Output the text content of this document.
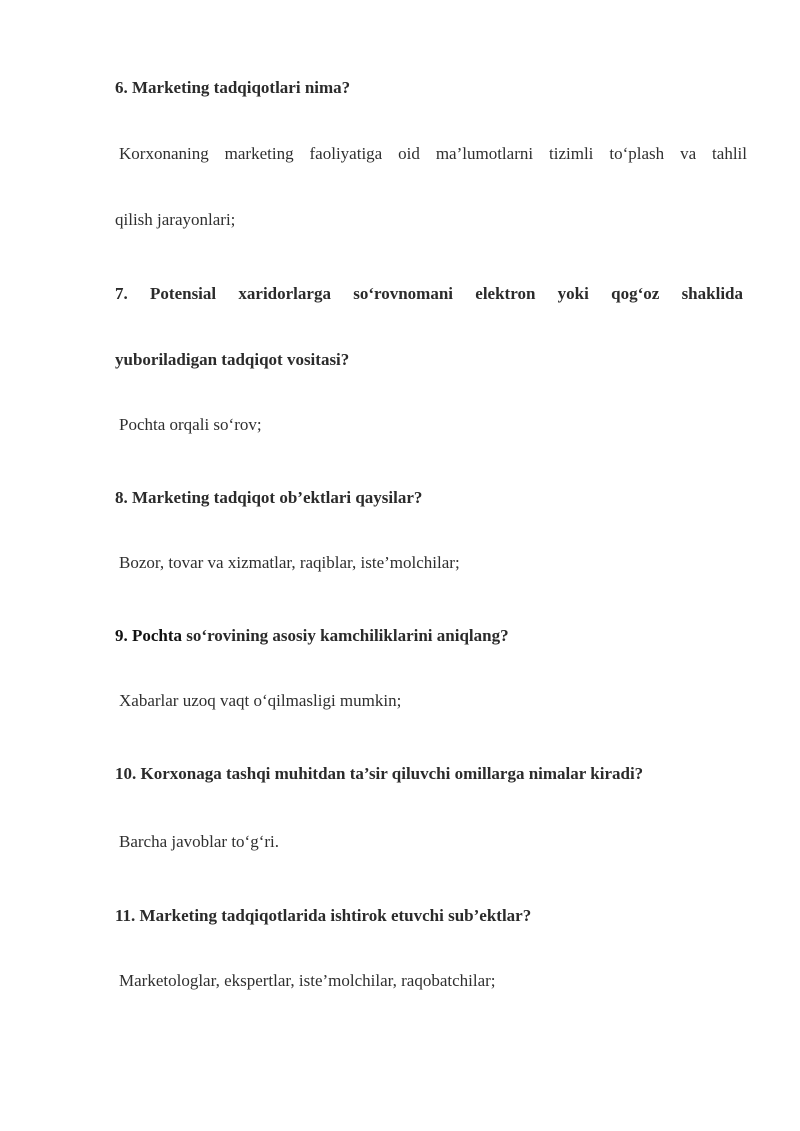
6. Marketing tadqiqotlari nima?
Korxonaning marketing faoliyatiga oid ma’lumotlarni tizimli to‘plash va tahlil
qilish jarayonlari;
7. Potensial xaridorlarga so‘rovnomani elektron yoki qog‘oz shaklida
yuboriladigan tadqiqot vositasi?
Pochta orqali so‘rov;
8. Marketing tadqiqot ob’ektlari qaysilar?
Bozor, tovar va xizmatlar, raqiblar, iste’molchilar;
9. Pochta so‘rovining asosiy kamchiliklarini aniqlang?
Xabarlar uzoq vaqt o‘qilmasligi mumkin;
10. Korxonaga tashqi muhitdan ta’sir qiluvchi omillarga nimalar kiradi?
Barcha javoblar to‘g‘ri.
11. Marketing tadqiqotlarida ishtirok etuvchi sub’ektlar?
Marketologlar, ekspertlar, iste’molchilar, raqobatchilar;
